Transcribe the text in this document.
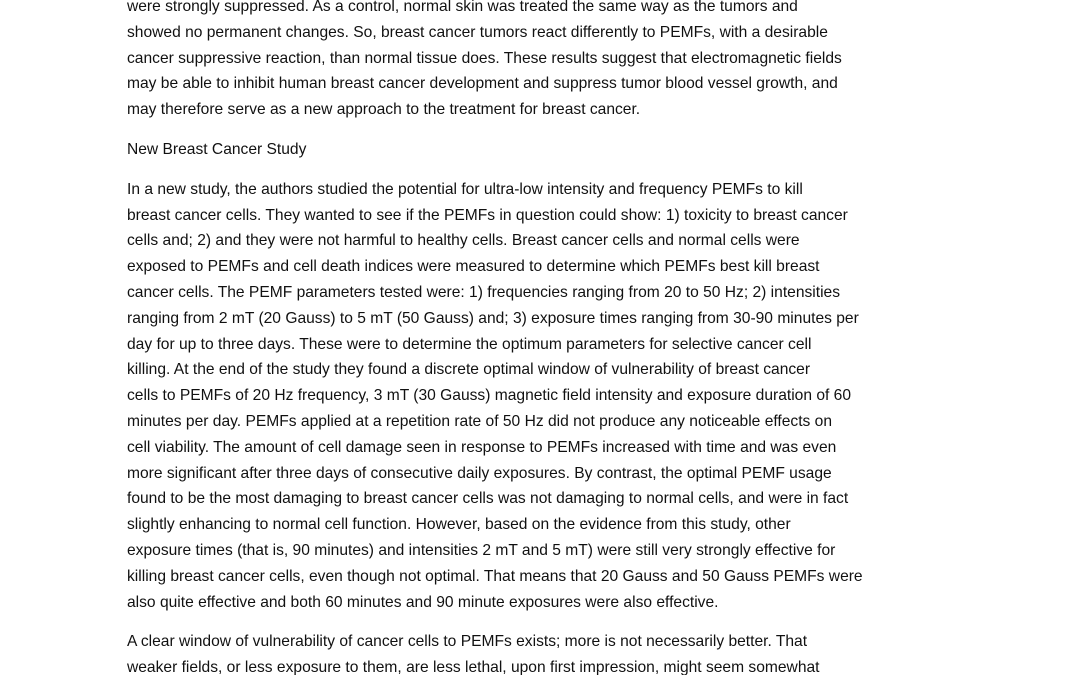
were strongly suppressed. As a control, normal skin was treated the same way as the tumors and
showed no permanent changes. So, breast cancer tumors react differently to PEMFs, with a desirable
cancer suppressive reaction, than normal tissue does. These results suggest that electromagnetic fields
may be able to inhibit human breast cancer development and suppress tumor blood vessel growth, and
may therefore serve as a new approach to the treatment for breast cancer.
New Breast Cancer Study
In a new study, the authors studied the potential for ultra-low intensity and frequency PEMFs to kill
breast cancer cells. They wanted to see if the PEMFs in question could show: 1) toxicity to breast cancer
cells and; 2) and they were not harmful to healthy cells. Breast cancer cells and normal cells were
exposed to PEMFs and cell death indices were measured to determine which PEMFs best kill breast
cancer cells. The PEMF parameters tested were: 1) frequencies ranging from 20 to 50 Hz; 2) intensities
ranging from 2 mT (20 Gauss) to 5 mT (50 Gauss) and; 3) exposure times ranging from 30-90 minutes per
day for up to three days. These were to determine the optimum parameters for selective cancer cell
killing. At the end of the study they found a discrete optimal window of vulnerability of breast cancer
cells to PEMFs of 20 Hz frequency, 3 mT (30 Gauss) magnetic field intensity and exposure duration of 60
minutes per day. PEMFs applied at a repetition rate of 50 Hz did not produce any noticeable effects on
cell viability. The amount of cell damage seen in response to PEMFs increased with time and was even
more significant after three days of consecutive daily exposures. By contrast, the optimal PEMF usage
found to be the most damaging to breast cancer cells was not damaging to normal cells, and were in fact
slightly enhancing to normal cell function. However, based on the evidence from this study, other
exposure times (that is, 90 minutes) and intensities 2 mT and 5 mT) were still very strongly effective for
killing breast cancer cells, even though not optimal. That means that 20 Gauss and 50 Gauss PEMFs were
also quite effective and both 60 minutes and 90 minute exposures were also effective.
A clear window of vulnerability of cancer cells to PEMFs exists; more is not necessarily better. That
weaker fields, or less exposure to them, are less lethal, upon first impression, might seem somewhat
